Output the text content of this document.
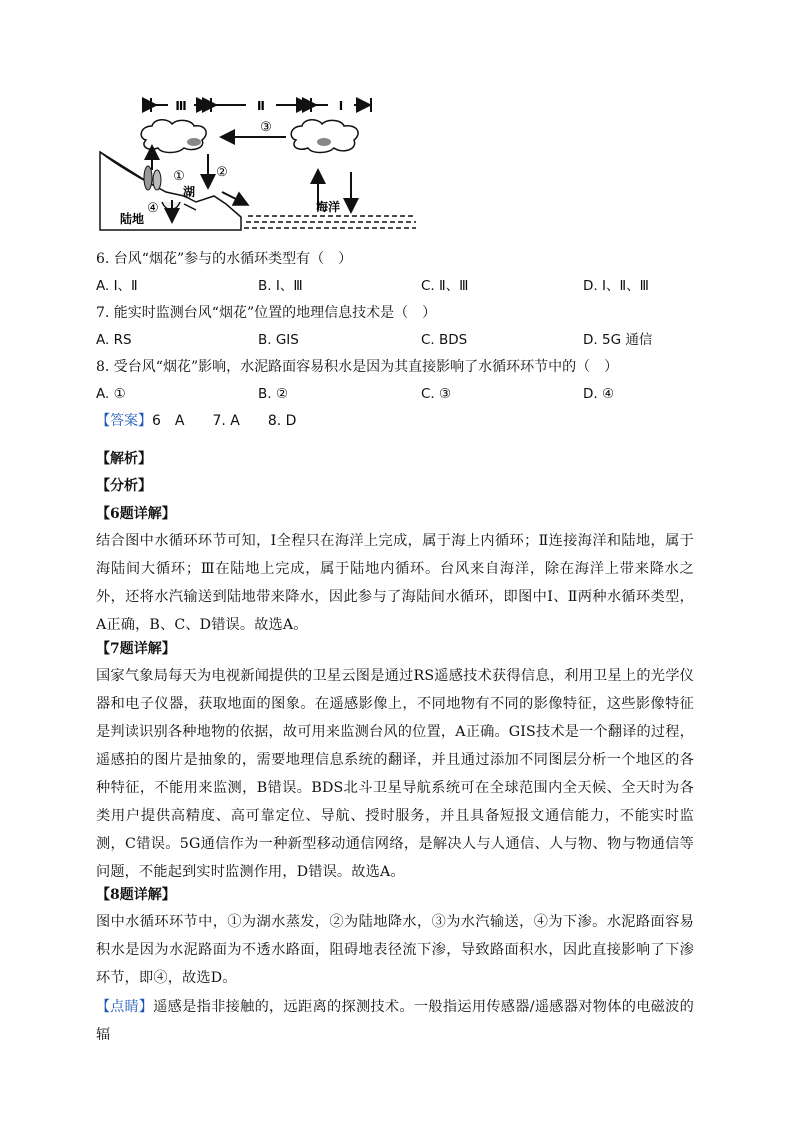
Ⅲ	Ⅱ	Ⅰ
③
① ②
④
湖
陆地
海洋
6. 台风“烟花”参与的水循环类型有（　）
A. Ⅰ、Ⅱ	B. Ⅰ、Ⅲ	C. Ⅱ、Ⅲ	D. Ⅰ、Ⅱ、Ⅲ
7. 能实时监测台风“烟花”位置的地理信息技术是（　）
A. RS	B. GIS	C. BDS	D. 5G 通信
8. 受台风“烟花”影响，水泥路面容易积水是因为其直接影响了水循环环节中的（　）
A. ①	B. ②	C. ③	D. ④
【答案】6　A　　7. A　　8. D
【解析】
【分析】
【6题详解】
结合图中水循环环节可知，Ⅰ全程只在海洋上完成，属于海上内循环；Ⅱ连接海洋和陆地，属于海陆间大循环；Ⅲ在陆地上完成，属于陆地内循环。台风来自海洋，除在海洋上带来降水之外，还将水汽输送到陆地带来降水，因此参与了海陆间水循环，即图中Ⅰ、Ⅱ两种水循环类型，A正确，B、C、D错误。故选A。
【7题详解】
国家气象局每天为电视新闻提供的卫星云图是通过RS遥感技术获得信息，利用卫星上的光学仪器和电子仪器，获取地面的图象。在遥感影像上，不同地物有不同的影像特征，这些影像特征是判读识别各种地物的依据，故可用来监测台风的位置，A正确。GIS技术是一个翻译的过程，遥感拍的图片是抽象的，需要地理信息系统的翻译，并且通过添加不同图层分析一个地区的各种特征，不能用来监测，B错误。BDS北斗卫星导航系统可在全球范围内全天候、全天时为各类用户提供高精度、高可靠定位、导航、授时服务，并且具备短报文通信能力，不能实时监测，C错误。5G通信作为一种新型移动通信网络，是解决人与人通信、人与物、物与物通信等问题，不能起到实时监测作用，D错误。故选A。
【8题详解】
图中水循环环节中，①为湖水蒸发，②为陆地降水，③为水汽输送，④为下渗。水泥路面容易积水是因为水泥路面为不透水路面，阻碍地表径流下渗，导致路面积水，因此直接影响了下渗环节，即④，故选D。
【点睛】遥感是指非接触的，远距离的探测技术。一般指运用传感器/遥感器对物体的电磁波的辐
